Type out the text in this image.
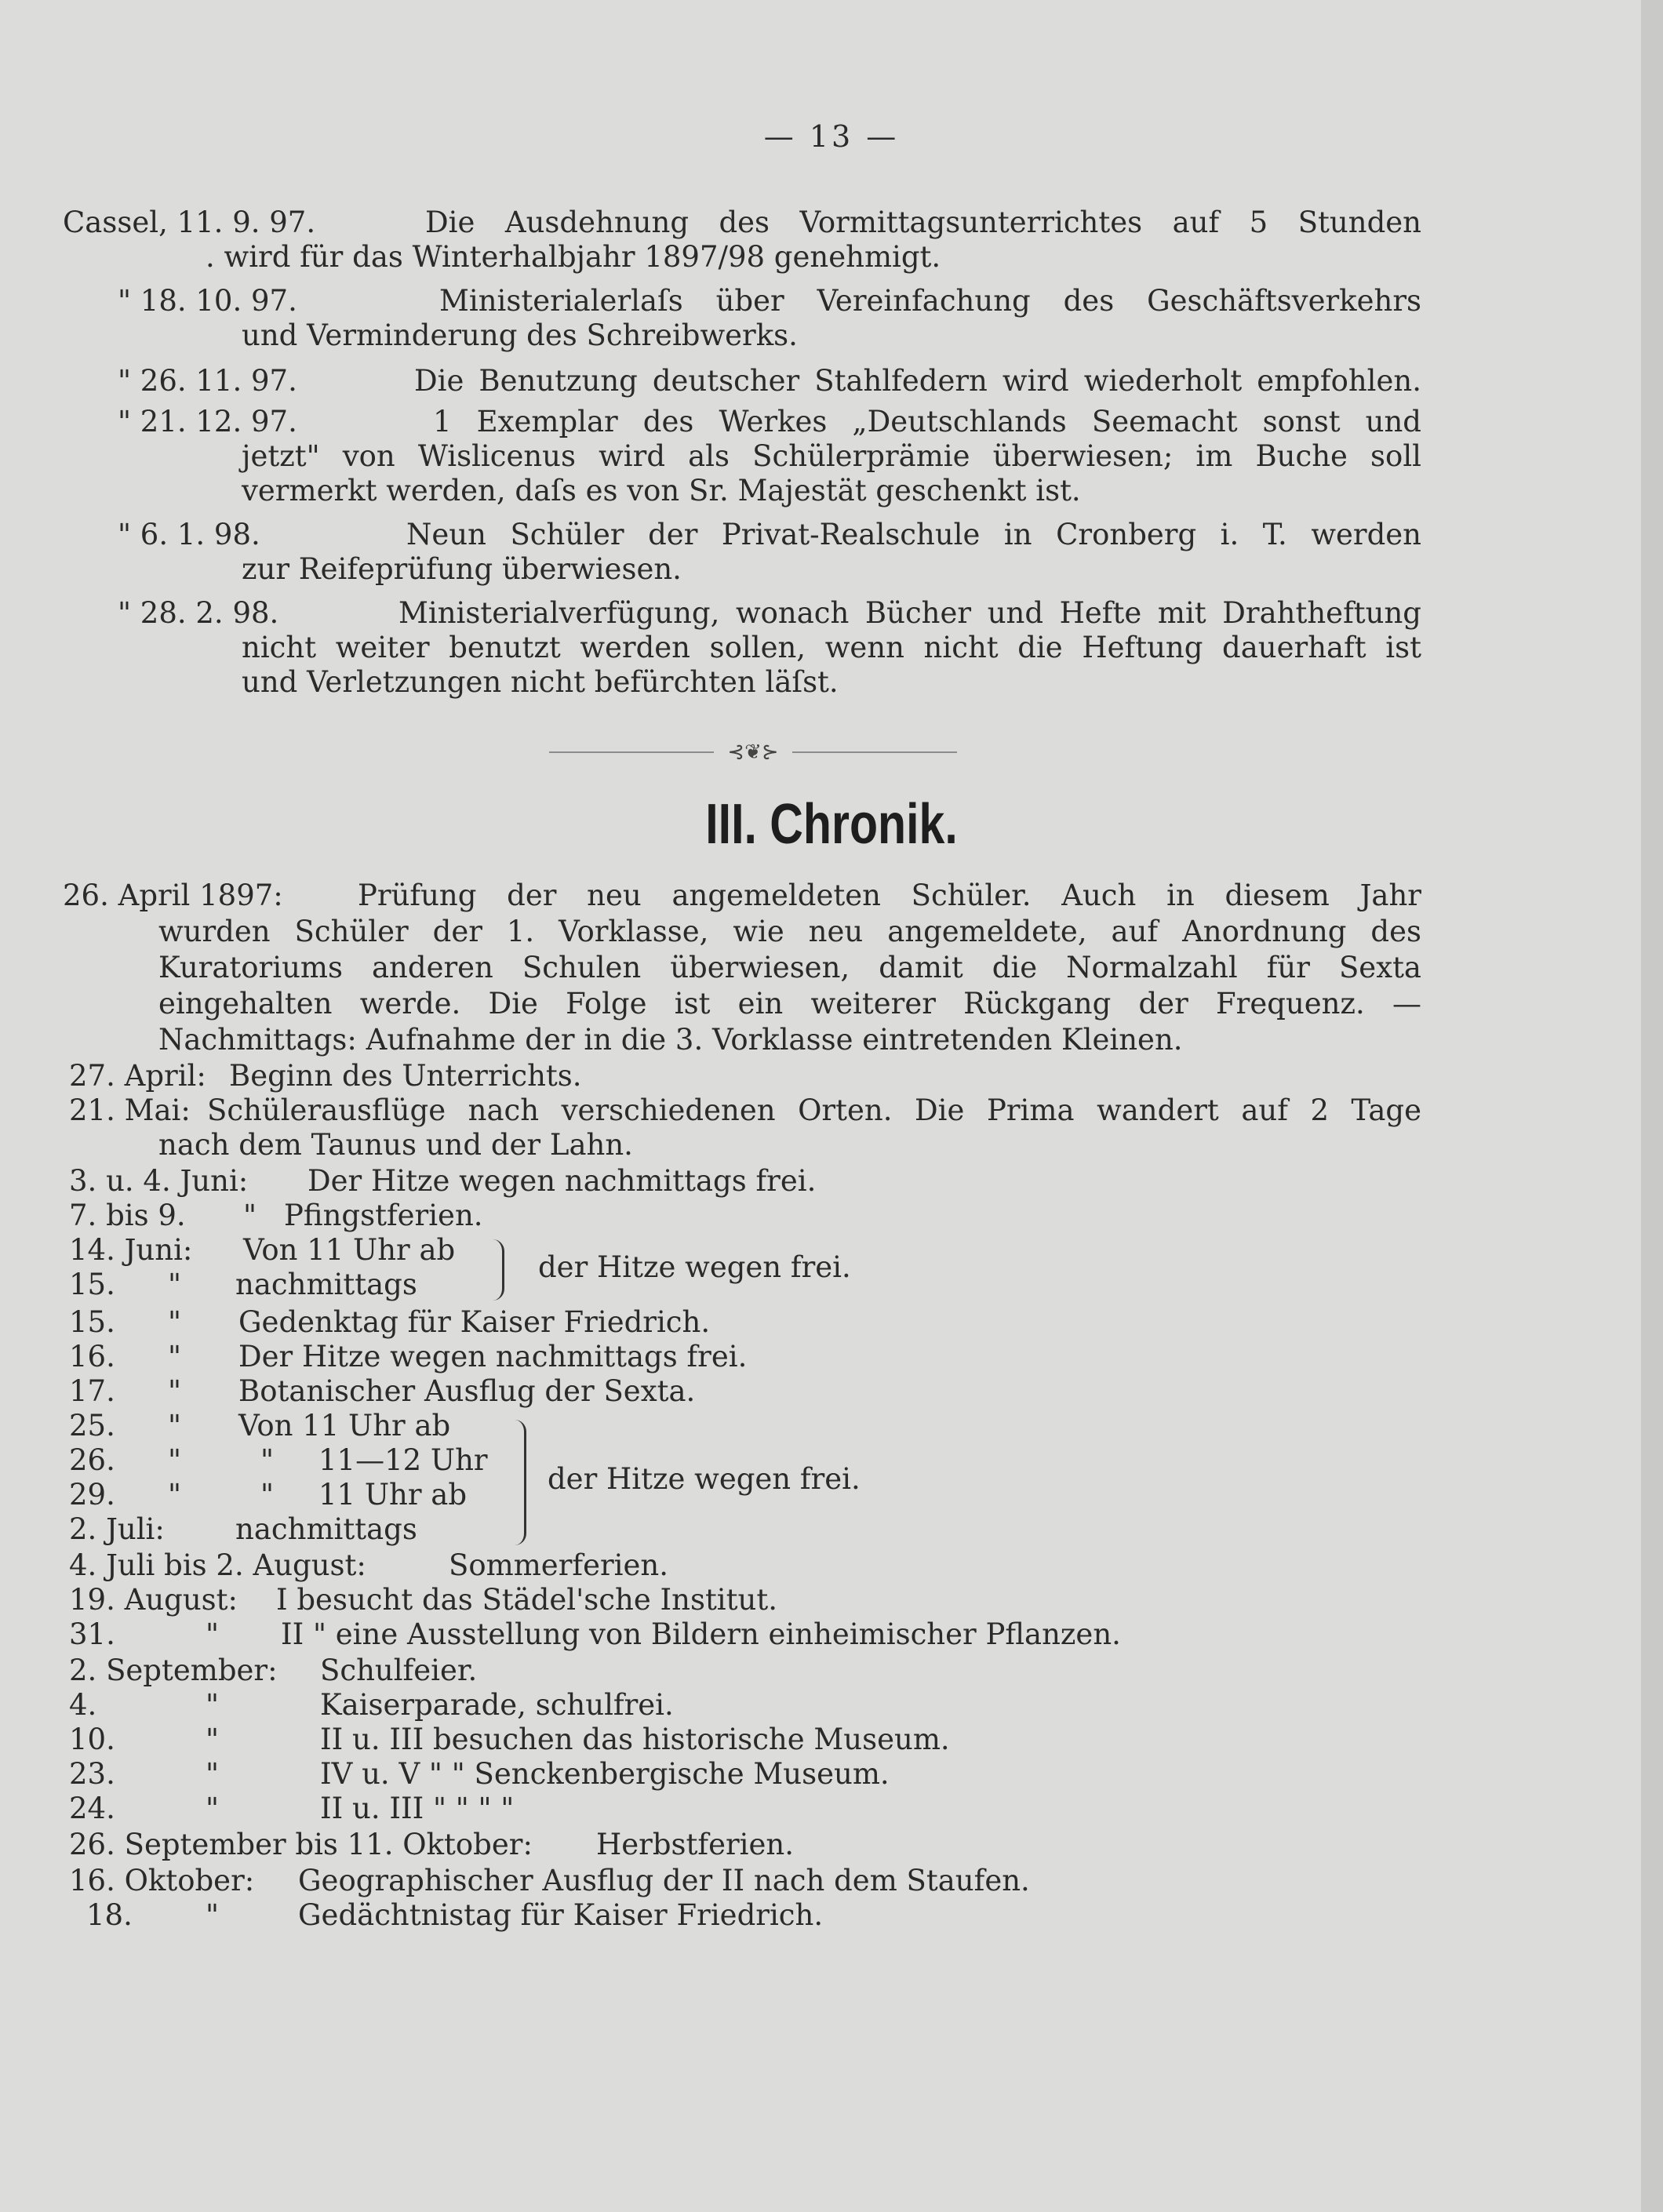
— 13 —
Cassel, 11. 9. 97.	Die Ausdehnung des Vormittagsunterrichtes auf 5 Stunden
. wird für das Winterhalbjahr 1897/98 genehmigt.
" 18. 10. 97.	Ministerialerlaſs über Vereinfachung des Geschäftsverkehrs
und Verminderung des Schreibwerks.
" 26. 11. 97.	Die Benutzung deutscher Stahlfedern wird wiederholt empfohlen.
" 21. 12. 97.	1 Exemplar des Werkes „Deutschlands Seemacht sonst und
jetzt" von Wislicenus wird als Schülerprämie überwiesen; im Buche soll
vermerkt werden, daſs es von Sr. Majestät geschenkt ist.
" 6. 1. 98.	Neun Schüler der Privat-Realschule in Cronberg i. T. werden
zur Reifeprüfung überwiesen.
" 28. 2. 98.	Ministerialverfügung, wonach Bücher und Hefte mit Drahtheftung
nicht weiter benutzt werden sollen, wenn nicht die Heftung dauerhaft ist
und Verletzungen nicht befürchten läſst.
⊰❦⊱
III. Chronik.
26. April 1897:	Prüfung der neu angemeldeten Schüler. Auch in diesem Jahr
wurden Schüler der 1. Vorklasse, wie neu angemeldete, auf Anordnung des
Kuratoriums anderen Schulen überwiesen, damit die Normalzahl für Sexta
eingehalten werde. Die Folge ist ein weiterer Rückgang der Frequenz. —
Nachmittags: Aufnahme der in die 3. Vorklasse eintretenden Kleinen.
27. April: Beginn des Unterrichts.
21. Mai: Schülerausflüge nach verschiedenen Orten. Die Prima wandert auf 2 Tage
nach dem Taunus und der Lahn.
3. u. 4. Juni: Der Hitze wegen nachmittags frei.
7. bis 9. " Pfingstferien.
14. Juni: Von 11 Uhr ab
15. " nachmittags
der Hitze wegen frei.
15. " Gedenktag für Kaiser Friedrich.
16. " Der Hitze wegen nachmittags frei.
17. " Botanischer Ausflug der Sexta.
25. " Von 11 Uhr ab
26. "	" 11—12 Uhr
29. "	" 11 Uhr ab
2. Juli: nachmittags
der Hitze wegen frei.
4. Juli bis 2. August:	Sommerferien.
19. August: I besucht das Städel'sche Institut.
31.	" II " eine Ausstellung von Bildern einheimischer Pflanzen.
2. September: Schulfeier.
4.	"	Kaiserparade, schulfrei.
10.	"	II u. III besuchen das historische Museum.
23.	"	IV u. V " " Senckenbergische Museum.
24.	"	II u. III " " " "
26. September bis 11. Oktober: Herbstferien.
16. Oktober: Geographischer Ausflug der II nach dem Staufen.
18.	"	Gedächtnistag für Kaiser Friedrich.
